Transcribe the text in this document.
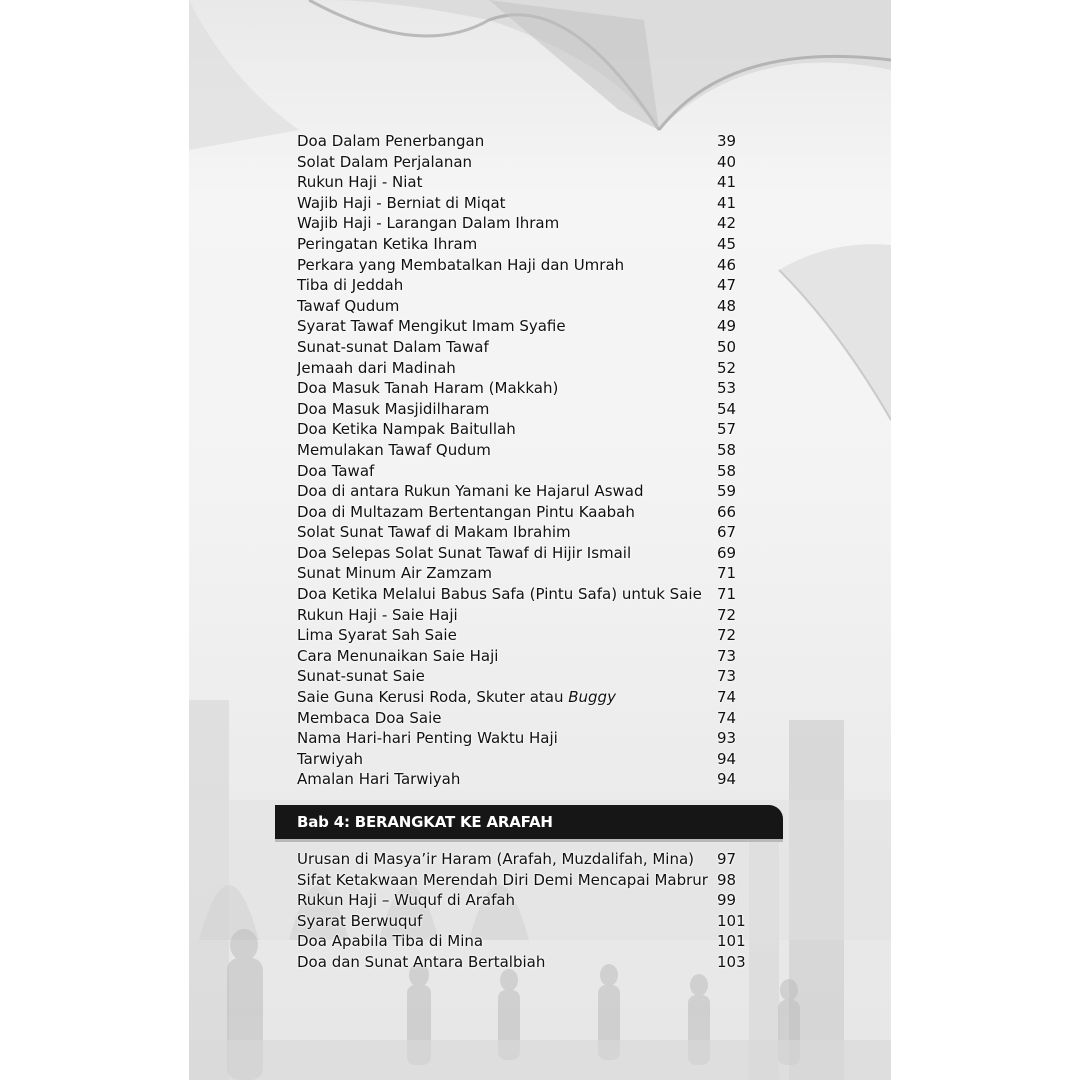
Doa Dalam Penerbangan	39
Solat Dalam Perjalanan	40
Rukun Haji - Niat	41
Wajib Haji - Berniat di Miqat	41
Wajib Haji - Larangan Dalam Ihram	42
Peringatan Ketika Ihram	45
Perkara yang Membatalkan Haji dan Umrah	46
Tiba di Jeddah	47
Tawaf Qudum	48
Syarat Tawaf Mengikut Imam Syafie	49
Sunat-sunat Dalam Tawaf	50
Jemaah dari Madinah	52
Doa Masuk Tanah Haram (Makkah)	53
Doa Masuk Masjidilharam	54
Doa Ketika Nampak Baitullah	57
Memulakan Tawaf Qudum	58
Doa Tawaf	58
Doa di antara Rukun Yamani ke Hajarul Aswad	59
Doa di Multazam Bertentangan Pintu Kaabah	66
Solat Sunat Tawaf di Makam Ibrahim	67
Doa Selepas Solat Sunat Tawaf di Hijir Ismail	69
Sunat Minum Air Zamzam	71
Doa Ketika Melalui Babus Safa (Pintu Safa) untuk Saie	71
Rukun Haji - Saie Haji	72
Lima Syarat Sah Saie	72
Cara Menunaikan Saie Haji	73
Sunat-sunat Saie	73
Saie Guna Kerusi Roda, Skuter atau Buggy	74
Membaca Doa Saie	74
Nama Hari-hari Penting Waktu Haji	93
Tarwiyah	94
Amalan Hari Tarwiyah	94
Bab 4: BERANGKAT KE ARAFAH
Urusan di Masya’ir Haram (Arafah, Muzdalifah, Mina)	97
Sifat Ketakwaan Merendah Diri Demi Mencapai Mabrur 98
Rukun Haji – Wuquf di Arafah	99
Syarat Berwuquf	101
Doa Apabila Tiba di Mina	101
Doa dan Sunat Antara Bertalbiah	103
